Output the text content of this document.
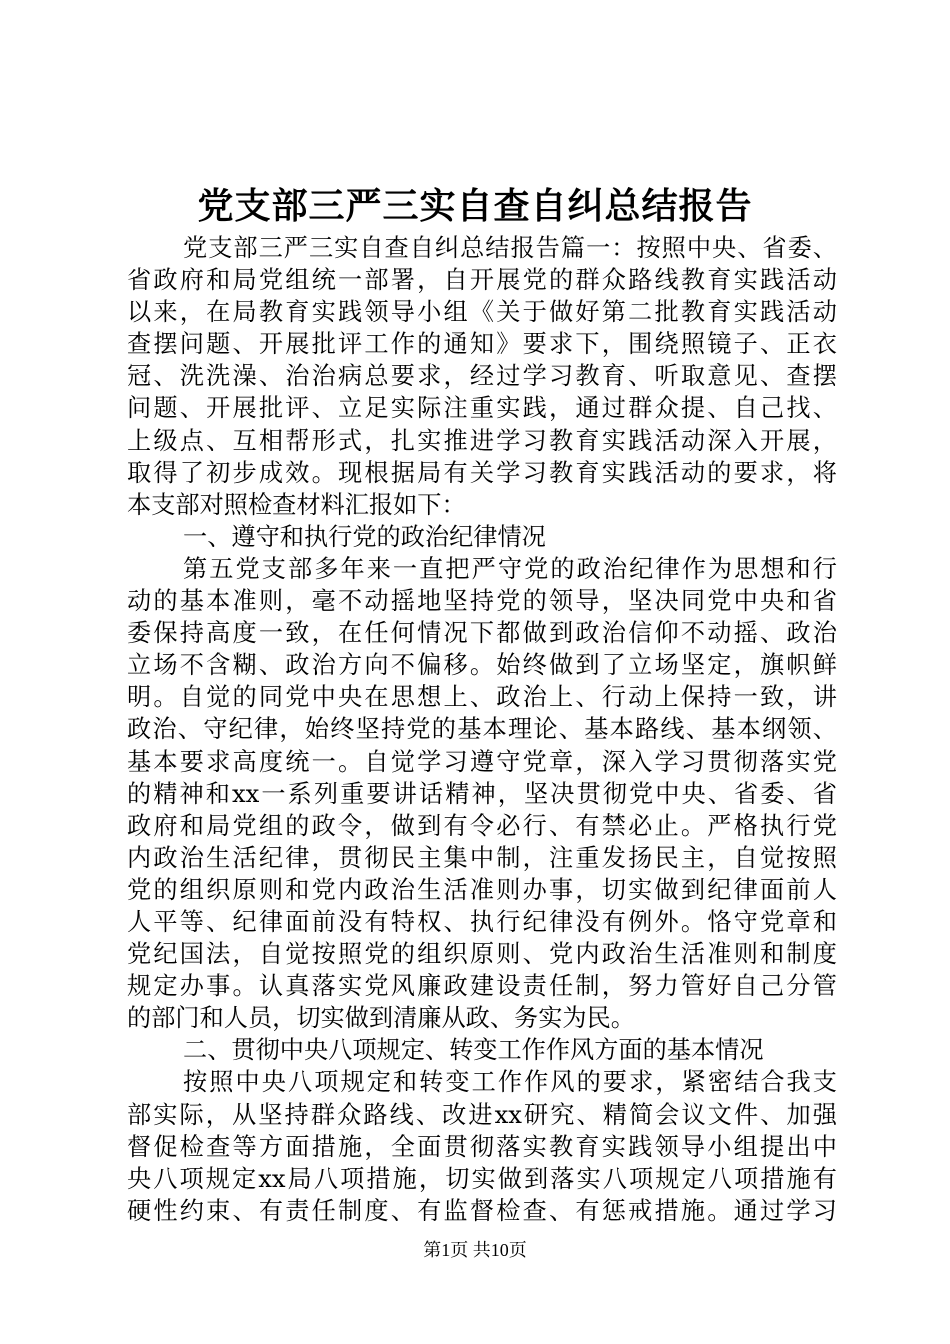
党支部三严三实自查自纠总结报告
党支部三严三实自查自纠总结报告篇一：按照中央、省委、
省政府和局党组统一部署，自开展党的群众路线教育实践活动
以来，在局教育实践领导小组《关于做好第二批教育实践活动
查摆问题、开展批评工作的通知》要求下，围绕照镜子、正衣
冠、洗洗澡、治治病总要求，经过学习教育、听取意见、查摆
问题、开展批评、立足实际注重实践，通过群众提、自己找、
上级点、互相帮形式，扎实推进学习教育实践活动深入开展，
取得了初步成效。现根据局有关学习教育实践活动的要求，将
本支部对照检查材料汇报如下：
一、遵守和执行党的政治纪律情况
第五党支部多年来一直把严守党的政治纪律作为思想和行
动的基本准则，毫不动摇地坚持党的领导，坚决同党中央和省
委保持高度一致，在任何情况下都做到政治信仰不动摇、政治
立场不含糊、政治方向不偏移。始终做到了立场坚定，旗帜鲜
明。自觉的同党中央在思想上、政治上、行动上保持一致，讲
政治、守纪律，始终坚持党的基本理论、基本路线、基本纲领、
基本要求高度统一。自觉学习遵守党章，深入学习贯彻落实党
的精神和xx一系列重要讲话精神，坚决贯彻党中央、省委、省
政府和局党组的政令，做到有令必行、有禁必止。严格执行党
内政治生活纪律，贯彻民主集中制，注重发扬民主，自觉按照
党的组织原则和党内政治生活准则办事，切实做到纪律面前人
人平等、纪律面前没有特权、执行纪律没有例外。恪守党章和
党纪国法，自觉按照党的组织原则、党内政治生活准则和制度
规定办事。认真落实党风廉政建设责任制，努力管好自己分管
的部门和人员，切实做到清廉从政、务实为民。
二、贯彻中央八项规定、转变工作作风方面的基本情况
按照中央八项规定和转变工作作风的要求，紧密结合我支
部实际，从坚持群众路线、改进xx研究、精简会议文件、加强
督促检查等方面措施，全面贯彻落实教育实践领导小组提出中
央八项规定xx局八项措施，切实做到落实八项规定八项措施有
硬性约束、有责任制度、有监督检查、有惩戒措施。通过学习
第1页 共10页
